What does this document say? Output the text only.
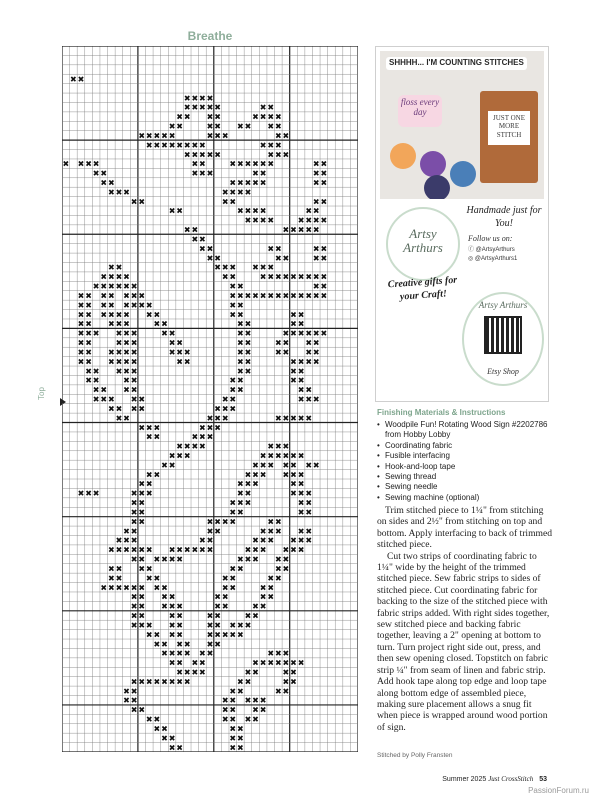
Breathe
Top
✖ ✖
✖ ✖ ✖ ✖
✖ ✖ ✖ ✖ ✖	✖ ✖
✖ ✖ ✖ ✖	✖ ✖ ✖ ✖
✖ ✖	✖ ✖ ✖ ✖ ✖ ✖
✖ ✖ ✖ ✖ ✖	✖ ✖ ✖	✖ ✖
✖ ✖ ✖ ✖ ✖ ✖ ✖ ✖	✖ ✖ ✖
✖ ✖ ✖ ✖ ✖	✖ ✖ ✖
✖ ✖ ✖ ✖	✖ ✖	✖ ✖ ✖ ✖ ✖ ✖	✖ ✖
✖ ✖	✖ ✖ ✖	✖ ✖	✖ ✖
✖ ✖	✖ ✖ ✖ ✖ ✖	✖ ✖
✖ ✖ ✖	✖ ✖ ✖ ✖
✖ ✖	✖ ✖	✖ ✖
✖ ✖	✖ ✖ ✖ ✖	✖ ✖
✖ ✖ ✖ ✖	✖ ✖ ✖ ✖
✖ ✖	✖ ✖ ✖ ✖ ✖
✖ ✖
✖ ✖	✖ ✖	✖ ✖
✖ ✖	✖ ✖	✖ ✖
✖ ✖	✖ ✖ ✖ ✖ ✖ ✖
✖ ✖ ✖ ✖	✖ ✖	✖ ✖ ✖ ✖ ✖ ✖ ✖ ✖ ✖
✖ ✖ ✖ ✖ ✖ ✖	✖ ✖	✖ ✖
✖ ✖ ✖ ✖ ✖ ✖ ✖	✖ ✖ ✖ ✖ ✖ ✖ ✖ ✖ ✖ ✖ ✖ ✖ ✖
✖ ✖ ✖ ✖ ✖ ✖ ✖ ✖	✖ ✖
✖ ✖ ✖ ✖ ✖ ✖ ✖ ✖	✖ ✖	✖ ✖
✖ ✖ ✖ ✖ ✖	✖ ✖	✖ ✖	✖ ✖
✖ ✖ ✖ ✖ ✖ ✖	✖ ✖	✖ ✖	✖ ✖ ✖ ✖ ✖ ✖
✖ ✖	✖ ✖ ✖	✖ ✖	✖ ✖	✖ ✖ ✖ ✖
✖ ✖ ✖ ✖ ✖ ✖	✖ ✖ ✖	✖ ✖	✖ ✖ ✖ ✖
✖ ✖ ✖ ✖ ✖ ✖	✖ ✖	✖ ✖	✖ ✖ ✖ ✖
✖ ✖ ✖ ✖ ✖	✖ ✖	✖ ✖
✖ ✖	✖ ✖	✖ ✖	✖ ✖
✖ ✖ ✖ ✖	✖ ✖	✖ ✖
✖ ✖ ✖ ✖ ✖	✖ ✖	✖ ✖ ✖
✖ ✖ ✖ ✖	✖ ✖ ✖
✖ ✖	✖ ✖ ✖	✖ ✖ ✖ ✖ ✖
✖ ✖ ✖	✖ ✖ ✖
✖ ✖	✖ ✖ ✖
✖ ✖ ✖ ✖	✖ ✖ ✖
✖ ✖ ✖	✖ ✖ ✖ ✖ ✖ ✖
✖ ✖	✖ ✖ ✖ ✖ ✖ ✖ ✖
✖ ✖	✖ ✖ ✖ ✖ ✖ ✖
✖ ✖	✖ ✖ ✖	✖ ✖
✖ ✖ ✖	✖ ✖ ✖	✖ ✖	✖ ✖ ✖
✖ ✖	✖ ✖ ✖	✖ ✖
✖ ✖	✖ ✖	✖ ✖
✖ ✖	✖ ✖ ✖ ✖	✖ ✖
✖ ✖	✖ ✖	✖ ✖ ✖ ✖ ✖
✖ ✖ ✖	✖ ✖	✖ ✖ ✖ ✖ ✖ ✖
✖ ✖ ✖ ✖ ✖ ✖ ✖ ✖ ✖ ✖ ✖ ✖	✖ ✖ ✖ ✖ ✖ ✖
✖ ✖ ✖ ✖ ✖ ✖	✖ ✖ ✖ ✖ ✖
✖ ✖ ✖ ✖	✖ ✖	✖ ✖
✖ ✖	✖ ✖	✖ ✖	✖ ✖
✖ ✖ ✖ ✖ ✖ ✖ ✖ ✖	✖ ✖	✖ ✖
✖ ✖ ✖ ✖	✖ ✖	✖ ✖
✖ ✖ ✖ ✖ ✖	✖ ✖	✖ ✖
✖ ✖	✖ ✖	✖ ✖	✖ ✖
✖ ✖ ✖ ✖ ✖	✖ ✖ ✖ ✖ ✖
✖ ✖ ✖ ✖	✖ ✖ ✖ ✖ ✖
✖ ✖ ✖ ✖ ✖ ✖
✖ ✖ ✖ ✖ ✖ ✖	✖ ✖ ✖
✖ ✖ ✖ ✖	✖ ✖ ✖ ✖ ✖ ✖ ✖
✖ ✖ ✖ ✖	✖ ✖	✖ ✖
✖ ✖ ✖ ✖ ✖ ✖ ✖ ✖	✖ ✖	✖ ✖
✖ ✖	✖ ✖	✖ ✖
✖ ✖	✖ ✖ ✖ ✖ ✖
✖ ✖	✖ ✖ ✖ ✖
✖ ✖	✖ ✖ ✖ ✖
✖ ✖	✖ ✖
✖ ✖	✖ ✖
✖ ✖	✖ ✖
SHHHH... I'M COUNTING STITCHES
floss every day
JUST ONE MORE STITCH
Artsy
Arthurs
Handmade just for You!
Follow us on:
ⓕ @ArtsyArthurs
◎ @ArtsyArthurs1
Creative gifts for your Craft!
Artsy Arthurs
Etsy Shop
Finishing Materials & Instructions
• Woodpile Fun! Rotating Wood Sign #2202786 from Hobby Lobby
• Coordinating fabric
• Fusible interfacing
• Hook-and-loop tape
• Sewing thread
• Sewing needle
• Sewing machine (optional)

Trim stitched piece to 1¼" from stitching on sides and 2½" from stitching on top and bottom. Apply interfacing to back of trimmed stitched piece.

Cut two strips of coordinating fabric to 1¼" wide by the height of the trimmed stitched piece. Sew fabric strips to sides of stitched piece. Cut coordinating fabric for backing to the size of the stitched piece with fabric strips added. With right sides together, sew stitched piece and backing fabric together, leaving a 2" opening at bottom to turn. Turn project right side out, press, and then sew opening closed. Topstitch on fabric strip ¼" from seam of linen and fabric strip. Add hook tape along top edge and loop tape along bottom edge of assembled piece, making sure placement allows a snug fit when piece is wrapped around wood portion of sign.

Stitched by Polly Fransten
Summer 2025 Just CrossStitch 53
PassionForum.ru
